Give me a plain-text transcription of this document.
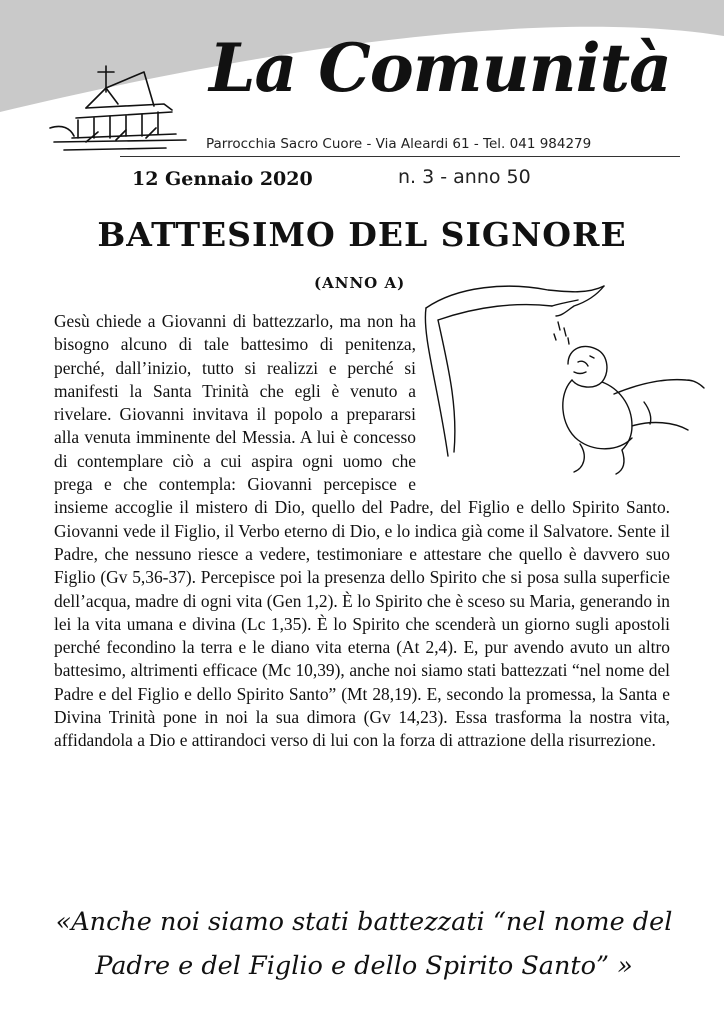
La Comunità
Parrocchia Sacro Cuore - Via Aleardi 61 - Tel. 041 984279
12 Gennaio 2020	n. 3 - anno 50
BATTESIMO DEL SIGNORE
(ANNO A)
Gesù chiede a Giovanni di battezzarlo, ma non ha bisogno alcuno di tale battesimo di penitenza, perché, dall’inizio, tutto si realizzi e perché si manifesti la Santa Trinità che egli è venuto a rivelare. Giovanni invitava il popolo a prepararsi alla venuta imminente del Messia. A lui è concesso di contemplare ciò a cui aspira ogni uomo che prega e che contempla: Giovanni percepisce e insieme accoglie il mistero di Dio, quello del Padre, del Figlio e dello Spirito Santo. Giovanni vede il Figlio, il Verbo eterno di Dio, e lo indica già come il Salvatore. Sente il Padre, che nessuno riesce a vedere, testimoniare e attestare che quello è davvero suo Figlio (Gv 5,36-37). Percepisce poi la presenza dello Spirito che si posa sulla superficie dell’acqua, madre di ogni vita (Gen 1,2). È lo Spirito che è sceso su Maria, generando in lei la vita umana e divina (Lc 1,35). È lo Spirito che scenderà un giorno sugli apostoli perché fecondino la terra e le diano vita eterna (At 2,4). E, pur avendo avuto un altro battesimo, altrimenti efficace (Mc 10,39), anche noi siamo stati battezzati “nel nome del Padre e del Figlio e dello Spirito Santo” (Mt 28,19). E, secondo la promessa, la Santa e Divina Trinità pone in noi la sua dimora (Gv 14,23). Essa trasforma la nostra vita, affidandola a Dio e attirandoci verso di lui con la forza di attrazione della risurrezione.
«Anche noi siamo stati battezzati “nel nome del Padre e del Figlio e dello Spirito Santo” »
